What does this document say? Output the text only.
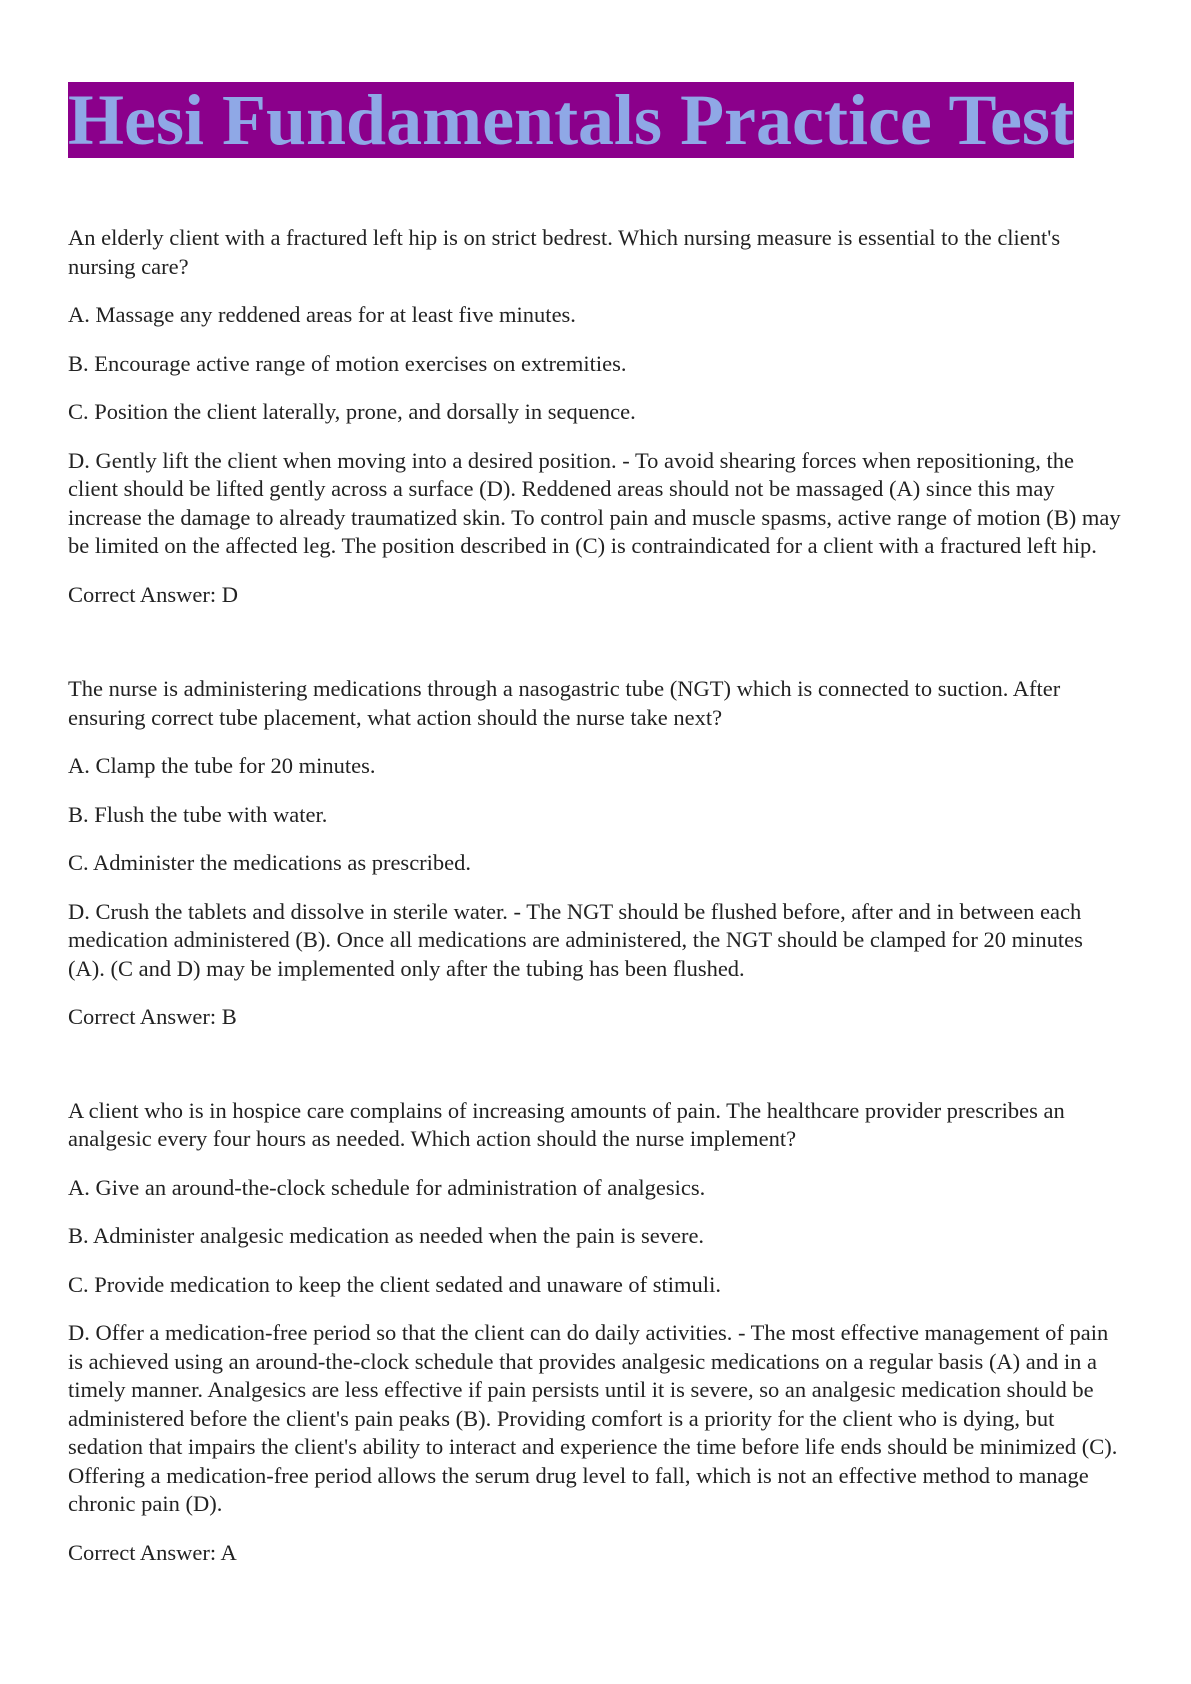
Hesi Fundamentals Practice Test

An elderly client with a fractured left hip is on strict bedrest. Which nursing measure is essential to the client's nursing care?

A. Massage any reddened areas for at least five minutes.

B. Encourage active range of motion exercises on extremities.

C. Position the client laterally, prone, and dorsally in sequence.

D. Gently lift the client when moving into a desired position. - To avoid shearing forces when repositioning, the client should be lifted gently across a surface (D). Reddened areas should not be massaged (A) since this may increase the damage to already traumatized skin. To control pain and muscle spasms, active range of motion (B) may be limited on the affected leg. The position described in (C) is contraindicated for a client with a fractured left hip.

Correct Answer: D

The nurse is administering medications through a nasogastric tube (NGT) which is connected to suction. After ensuring correct tube placement, what action should the nurse take next?

A. Clamp the tube for 20 minutes.

B. Flush the tube with water.

C. Administer the medications as prescribed.

D. Crush the tablets and dissolve in sterile water. - The NGT should be flushed before, after and in between each medication administered (B). Once all medications are administered, the NGT should be clamped for 20 minutes (A). (C and D) may be implemented only after the tubing has been flushed.

Correct Answer: B

A client who is in hospice care complains of increasing amounts of pain. The healthcare provider prescribes an analgesic every four hours as needed. Which action should the nurse implement?

A. Give an around-the-clock schedule for administration of analgesics.

B. Administer analgesic medication as needed when the pain is severe.

C. Provide medication to keep the client sedated and unaware of stimuli.

D. Offer a medication-free period so that the client can do daily activities. - The most effective management of pain is achieved using an around-the-clock schedule that provides analgesic medications on a regular basis (A) and in a timely manner. Analgesics are less effective if pain persists until it is severe, so an analgesic medication should be administered before the client's pain peaks (B). Providing comfort is a priority for the client who is dying, but sedation that impairs the client's ability to interact and experience the time before life ends should be minimized (C). Offering a medication-free period allows the serum drug level to fall, which is not an effective method to manage chronic pain (D).

Correct Answer: A
